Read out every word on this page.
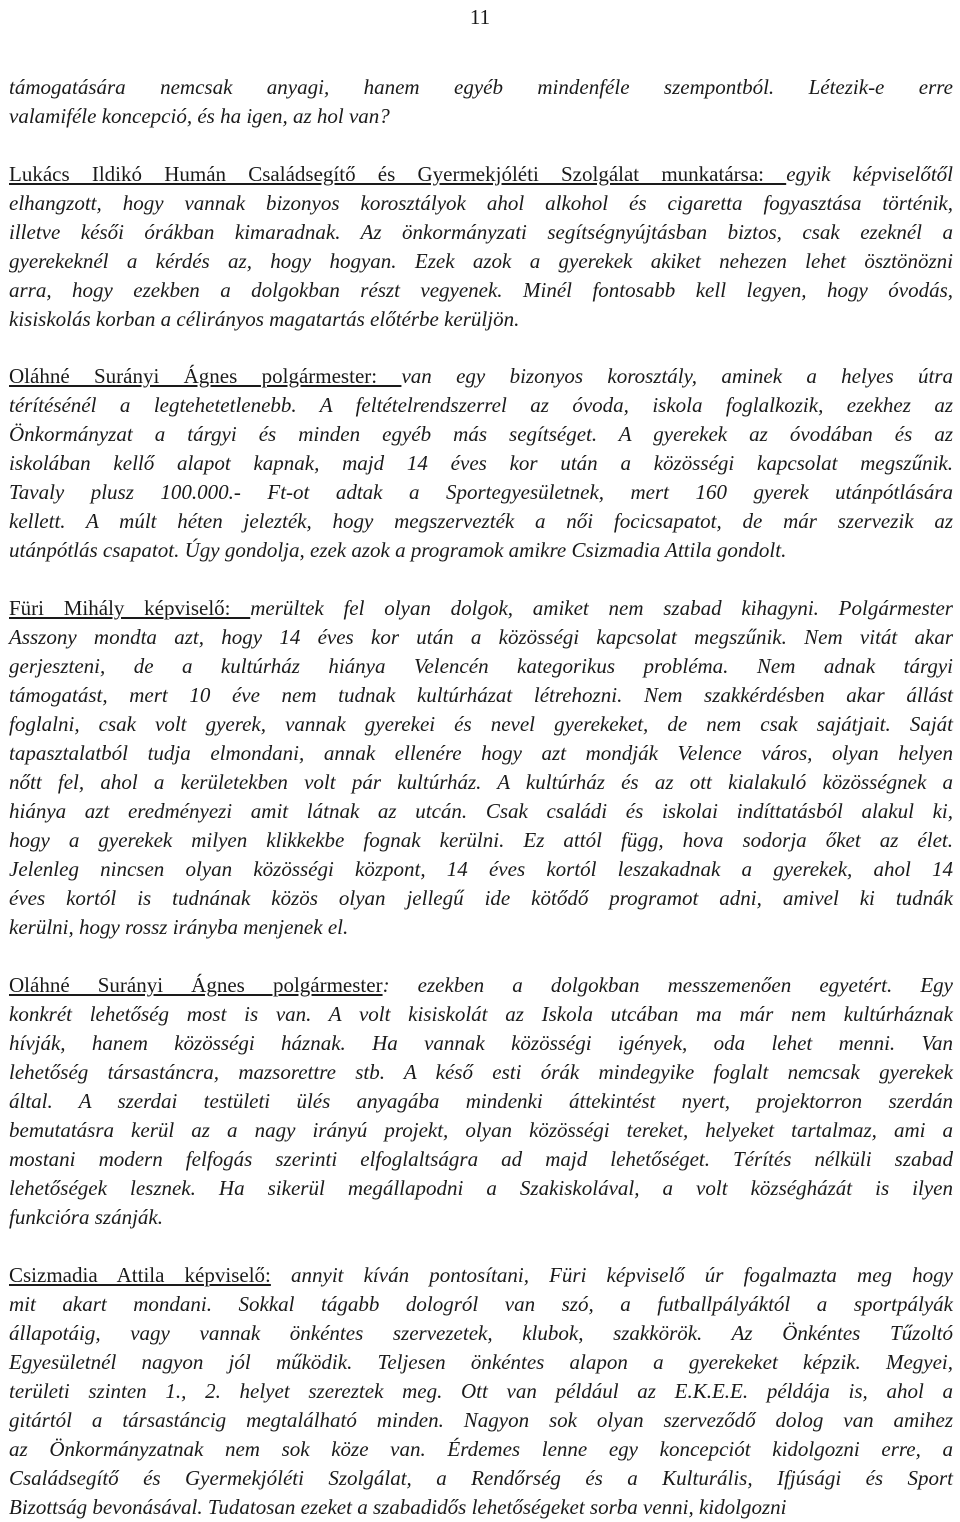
11
támogatására nemcsak anyagi, hanem egyéb mindenféle szempontból. Létezik-e erre
valamiféle koncepció, és ha igen, az hol van?
Lukács Ildikó Humán Családsegítő és Gyermekjóléti Szolgálat munkatársa: egyik képviselőtől
elhangzott, hogy vannak bizonyos korosztályok ahol alkohol és cigaretta fogyasztása történik,
illetve késői órákban kimaradnak. Az önkormányzati segítségnyújtásban biztos, csak ezeknél a
gyerekeknél a kérdés az, hogy hogyan. Ezek azok a gyerekek akiket nehezen lehet ösztönözni
arra, hogy ezekben a dolgokban részt vegyenek. Minél fontosabb kell legyen, hogy óvodás,
kisiskolás korban a célirányos magatartás előtérbe kerüljön.
Oláhné Surányi Ágnes polgármester: van egy bizonyos korosztály, aminek a helyes útra
térítésénél a legtehetetlenebb. A feltételrendszerrel az óvoda, iskola foglalkozik, ezekhez az
Önkormányzat a tárgyi és minden egyéb más segítséget. A gyerekek az óvodában és az
iskolában kellő alapot kapnak, majd 14 éves kor után a közösségi kapcsolat megszűnik.
Tavaly plusz 100.000.- Ft-ot adtak a Sportegyesületnek, mert 160 gyerek utánpótlására
kellett. A múlt héten jelezték, hogy megszervezték a női focicsapatot, de már szervezik az
utánpótlás csapatot. Úgy gondolja, ezek azok a programok amikre Csizmadia Attila gondolt.
Füri Mihály képviselő: merültek fel olyan dolgok, amiket nem szabad kihagyni. Polgármester
Asszony mondta azt, hogy 14 éves kor után a közösségi kapcsolat megszűnik. Nem vitát akar
gerjeszteni, de a kultúrház hiánya Velencén kategorikus probléma. Nem adnak tárgyi
támogatást, mert 10 éve nem tudnak kultúrházat létrehozni. Nem szakkérdésben akar állást
foglalni, csak volt gyerek, vannak gyerekei és nevel gyerekeket, de nem csak sajátjait. Saját
tapasztalatból tudja elmondani, annak ellenére hogy azt mondják Velence város, olyan helyen
nőtt fel, ahol a kerületekben volt pár kultúrház. A kultúrház és az ott kialakuló közösségnek a
hiánya azt eredményezi amit látnak az utcán. Csak családi és iskolai indíttatásból alakul ki,
hogy a gyerekek milyen klikkekbe fognak kerülni. Ez attól függ, hova sodorja őket az élet.
Jelenleg nincsen olyan közösségi központ, 14 éves kortól leszakadnak a gyerekek, ahol 14
éves kortól is tudnának közös olyan jellegű ide kötődő programot adni, amivel ki tudnák
kerülni, hogy rossz irányba menjenek el.
Oláhné Surányi Ágnes polgármester: ezekben a dolgokban messzemenően egyetért. Egy
konkrét lehetőség most is van. A volt kisiskolát az Iskola utcában ma már nem kultúrháznak
hívják, hanem közösségi háznak. Ha vannak közösségi igények, oda lehet menni. Van
lehetőség társastáncra, mazsorettre stb. A késő esti órák mindegyike foglalt nemcsak gyerekek
által. A szerdai testületi ülés anyagába mindenki áttekintést nyert, projektorron szerdán
bemutatásra kerül az a nagy irányú projekt, olyan közösségi tereket, helyeket tartalmaz, ami a
mostani modern felfogás szerinti elfoglaltságra ad majd lehetőséget. Térítés nélküli szabad
lehetőségek lesznek. Ha sikerül megállapodni a Szakiskolával, a volt községházát is ilyen
funkcióra szánják.
Csizmadia Attila képviselő: annyit kíván pontosítani, Füri képviselő úr fogalmazta meg hogy
mit akart mondani. Sokkal tágabb dologról van szó, a futballpályáktól a sportpályák
állapotáig, vagy vannak önkéntes szervezetek, klubok, szakkörök. Az Önkéntes Tűzoltó
Egyesületnél nagyon jól működik. Teljesen önkéntes alapon a gyerekeket képzik. Megyei,
területi szinten 1., 2. helyet szereztek meg. Ott van például az E.K.E.E. példája is, ahol a
gitártól a társastáncig megtalálható minden. Nagyon sok olyan szerveződő dolog van amihez
az Önkormányzatnak nem sok köze van. Érdemes lenne egy koncepciót kidolgozni erre, a
Családsegítő és Gyermekjóléti Szolgálat, a Rendőrség és a Kulturális, Ifjúsági és Sport
Bizottság bevonásával. Tudatosan ezeket a szabadidős lehetőségeket sorba venni, kidolgozni
